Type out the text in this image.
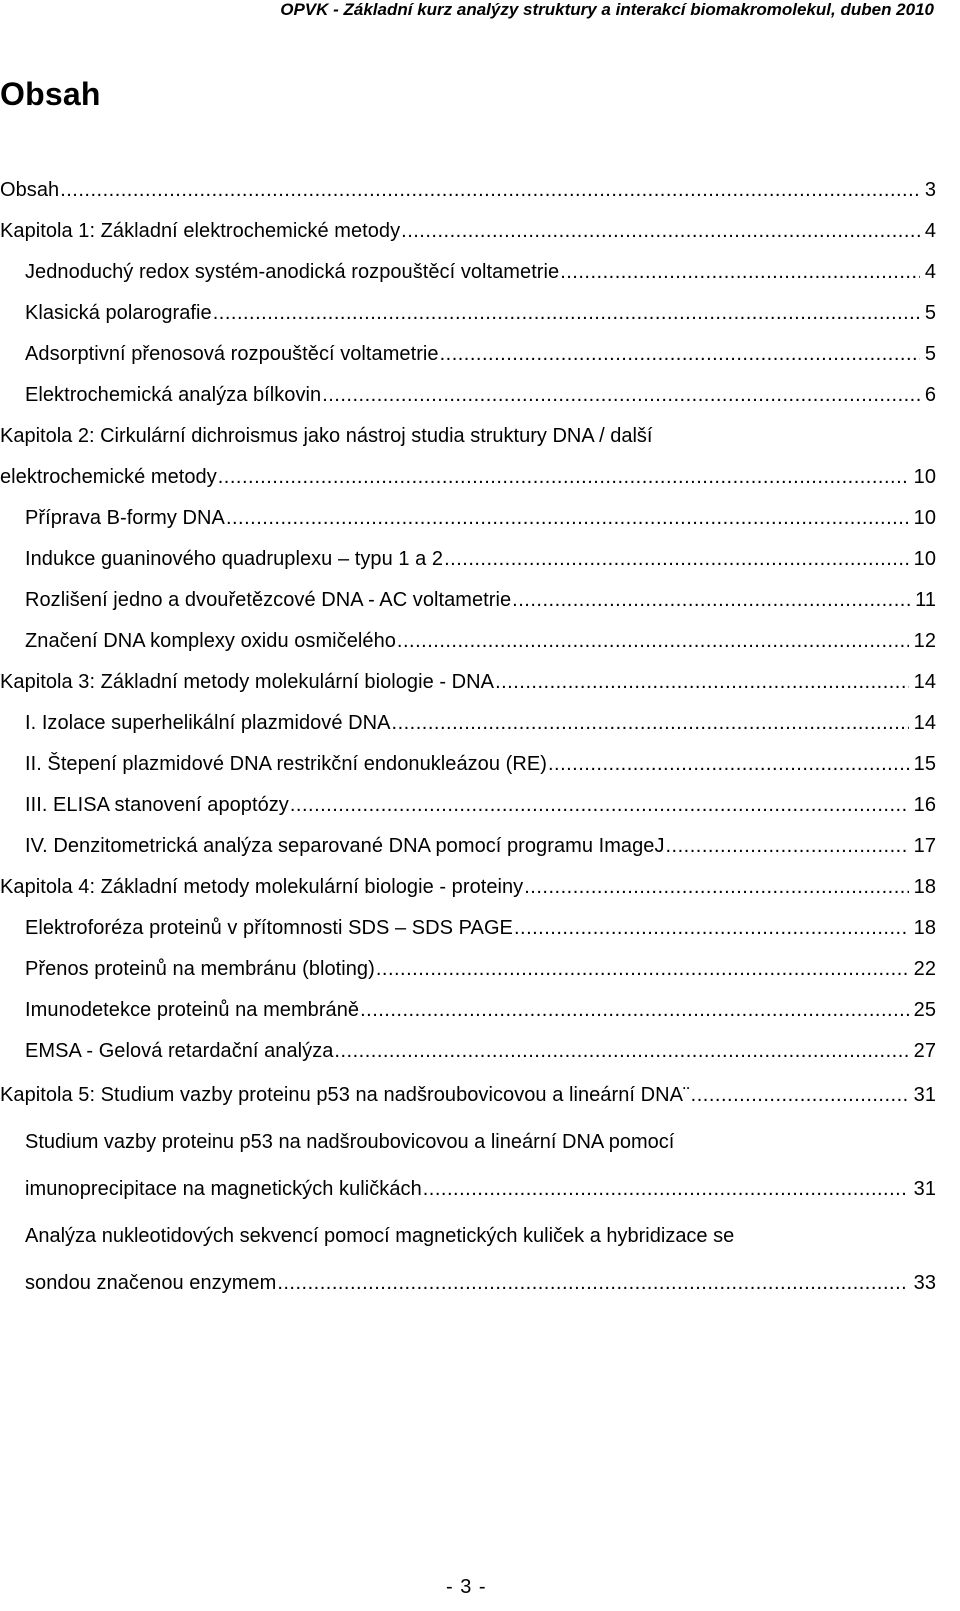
OPVK - Základní kurz analýzy struktury a interakcí biomakromolekul, duben 2010
Obsah
Obsah .....	3
Kapitola 1: Základní elektrochemické metody .....	4
Jednoduchý redox systém-anodická rozpouštěcí voltametrie .....	4
Klasická polarografie .....	5
Adsorptivní přenosová rozpouštěcí voltametrie .....	5
Elektrochemická analýza bílkovin .....	6
Kapitola 2: Cirkulární dichroismus jako nástroj studia struktury DNA / další
elektrochemické metody .....	10
Příprava B-formy DNA .....	10
Indukce guaninového quadruplexu – typu 1 a 2 .....	10
Rozlišení jedno a dvouřetězcové DNA - AC voltametrie .....	11
Značení DNA komplexy oxidu osmičelého .....	12
Kapitola 3: Základní metody molekulární biologie - DNA .....	14
I. Izolace superhelikální plazmidové DNA .....	14
II. Štepení plazmidové DNA restrikční endonukleázou (RE) .....	15
III. ELISA stanovení apoptózy .....	16
IV. Denzitometrická analýza separované DNA pomocí programu ImageJ .....	17
Kapitola 4: Základní metody molekulární biologie - proteiny .....	18
Elektroforéza proteinů v přítomnosti SDS – SDS PAGE .....	18
Přenos proteinů na membránu (bloting) .....	22
Imunodetekce proteinů na membráně .....	25
EMSA - Gelová retardační analýza .....	27
Kapitola 5: Studium vazby proteinu p53 na nadšroubovicovou a lineární DNA¨ .....	31
Studium vazby proteinu p53 na nadšroubovicovou a lineární DNA pomocí
imunoprecipitace na magnetických kuličkách .....	31
Analýza nukleotidových sekvencí pomocí magnetických kuliček a hybridizace se
sondou značenou enzymem .....	33
- 3 -
